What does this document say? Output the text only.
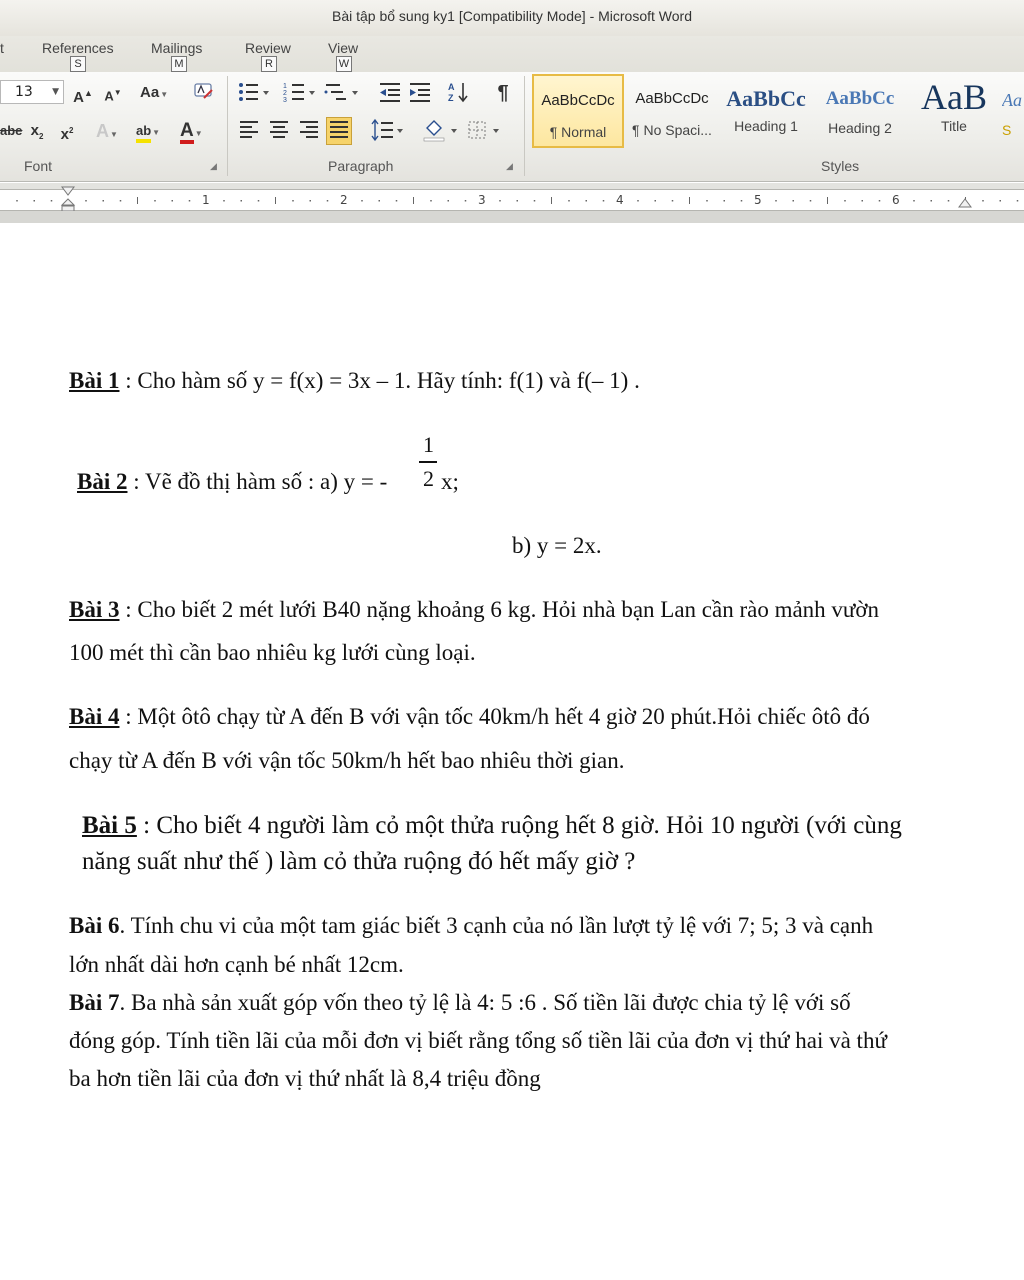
Bài tập bổ sung ky1 [Compatibility Mode] - Microsoft Word
t	References
S
Mailings
M
Review
R
View
W
13 ▼ A▲ A▼ Aa▼
abe $x_2$	$x^2$ A▼ ab▼ A▼
Font	◢
1
2
3
A
Z ¶
Paragraph	◢
AaBbCcDc
¶ Normal
AaBbCcDc
¶ No Spaci...
AaBbCc
Heading 1
AaBbCc
Heading 2
AaB
Title
Aa
S
Styles
1	2	3	4	5	6
Bài 1 : Cho hàm số y = f(x) = 3x – 1. Hãy tính: f(1) và f(– 1) .
Bài 2 : Vẽ đồ thị hàm số : a) y = -
1
2 x;
b) y = 2x.
Bài 3 : Cho biết 2 mét lưới B40 nặng khoảng 6 kg. Hỏi nhà bạn Lan cần rào mảnh vườn
100 mét thì cần bao nhiêu kg lưới cùng loại.
Bài 4 : Một ôtô chạy từ A đến B với vận tốc 40km/h hết 4 giờ 20 phút.Hỏi chiếc ôtô đó
chạy từ A đến B với vận tốc 50km/h hết bao nhiêu thời gian.
Bài 5 : Cho biết 4 người làm cỏ một thửa ruộng hết 8 giờ. Hỏi 10 người (với cùng
năng suất như thế ) làm cỏ thửa ruộng đó hết mấy giờ ?
Bài 6. Tính chu vi của một tam giác biết 3 cạnh của nó lần lượt tỷ lệ với 7; 5; 3 và cạnh
lớn nhất dài hơn cạnh bé nhất 12cm.
Bài 7. Ba nhà sản xuất góp vốn theo tỷ lệ là 4: 5 :6 . Số tiền lãi được chia tỷ lệ với số
đóng góp. Tính tiền lãi của mỗi đơn vị biết rằng tổng số tiền lãi của đơn vị thứ hai và thứ
ba hơn tiền lãi của đơn vị thứ nhất là 8,4 triệu đồng
